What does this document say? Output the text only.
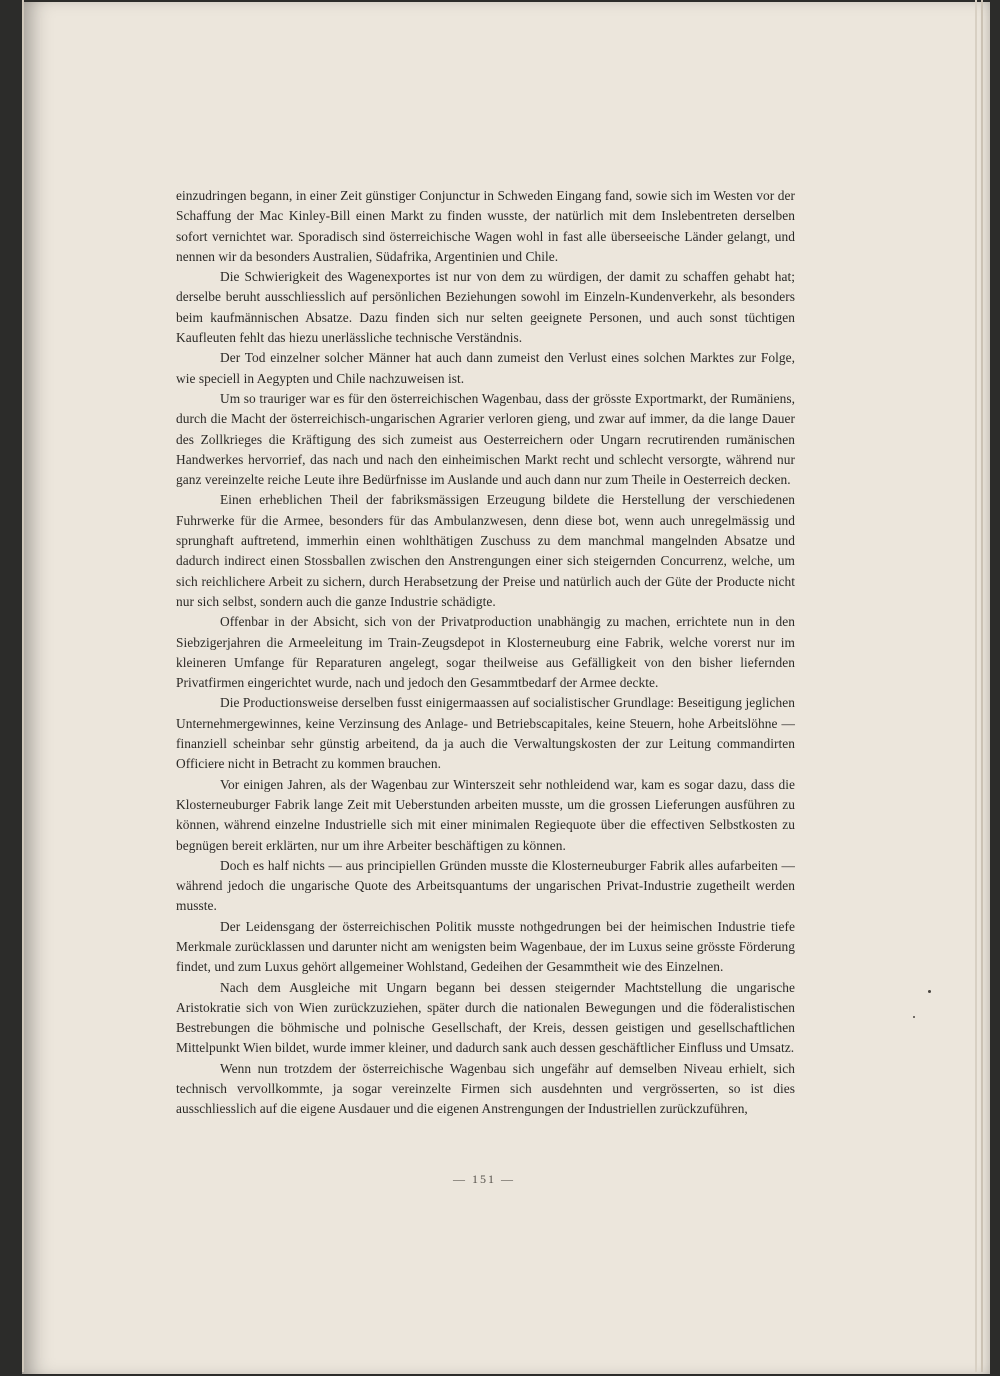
einzudringen begann, in einer Zeit günstiger Conjunctur in Schweden Eingang fand, sowie sich im Westen vor der Schaffung der Mac Kinley-Bill einen Markt zu finden wusste, der natürlich mit dem Inslebentreten derselben sofort vernichtet war. Sporadisch sind österreichische Wagen wohl in fast alle überseeische Länder gelangt, und nennen wir da besonders Australien, Südafrika, Argentinien und Chile.

Die Schwierigkeit des Wagenexportes ist nur von dem zu würdigen, der damit zu schaffen gehabt hat; derselbe beruht ausschliesslich auf persönlichen Beziehungen sowohl im Einzeln-Kundenverkehr, als besonders beim kaufmännischen Absatze. Dazu finden sich nur selten geeignete Personen, und auch sonst tüchtigen Kaufleuten fehlt das hiezu unerlässliche technische Verständnis.

Der Tod einzelner solcher Männer hat auch dann zumeist den Verlust eines solchen Marktes zur Folge, wie speciell in Aegypten und Chile nachzuweisen ist.

Um so trauriger war es für den österreichischen Wagenbau, dass der grösste Exportmarkt, der Rumäniens, durch die Macht der österreichisch-ungarischen Agrarier verloren gieng, und zwar auf immer, da die lange Dauer des Zollkrieges die Kräftigung des sich zumeist aus Oesterreichern oder Ungarn recrutirenden rumänischen Handwerkes hervorrief, das nach und nach den einheimischen Markt recht und schlecht versorgte, während nur ganz vereinzelte reiche Leute ihre Bedürfnisse im Auslande und auch dann nur zum Theile in Oesterreich decken.

Einen erheblichen Theil der fabriksmässigen Erzeugung bildete die Herstellung der verschiedenen Fuhrwerke für die Armee, besonders für das Ambulanzwesen, denn diese bot, wenn auch unregelmässig und sprunghaft auftretend, immerhin einen wohlthätigen Zuschuss zu dem manchmal mangelnden Absatze und dadurch indirect einen Stossballen zwischen den Anstrengungen einer sich steigernden Concurrenz, welche, um sich reichlichere Arbeit zu sichern, durch Herabsetzung der Preise und natürlich auch der Güte der Producte nicht nur sich selbst, sondern auch die ganze Industrie schädigte.

Offenbar in der Absicht, sich von der Privatproduction unabhängig zu machen, errichtete nun in den Siebzigerjahren die Armeeleitung im Train-Zeugsdepot in Klosterneuburg eine Fabrik, welche vorerst nur im kleineren Umfange für Reparaturen angelegt, sogar theilweise aus Gefälligkeit von den bisher liefernden Privatfirmen eingerichtet wurde, nach und jedoch den Gesammtbedarf der Armee deckte.

Die Productionsweise derselben fusst einigermaassen auf socialistischer Grundlage: Beseitigung jeglichen Unternehmergewinnes, keine Verzinsung des Anlage- und Betriebscapitales, keine Steuern, hohe Arbeitslöhne — finanziell scheinbar sehr günstig arbeitend, da ja auch die Verwaltungskosten der zur Leitung commandirten Officiere nicht in Betracht zu kommen brauchen.

Vor einigen Jahren, als der Wagenbau zur Winterszeit sehr nothleidend war, kam es sogar dazu, dass die Klosterneuburger Fabrik lange Zeit mit Ueberstunden arbeiten musste, um die grossen Lieferungen ausführen zu können, während einzelne Industrielle sich mit einer minimalen Regiequote über die effectiven Selbstkosten zu begnügen bereit erklärten, nur um ihre Arbeiter beschäftigen zu können.

Doch es half nichts — aus principiellen Gründen musste die Klosterneuburger Fabrik alles aufarbeiten — während jedoch die ungarische Quote des Arbeitsquantums der ungarischen Privat-Industrie zugetheilt werden musste.

Der Leidensgang der österreichischen Politik musste nothgedrungen bei der heimischen Industrie tiefe Merkmale zurücklassen und darunter nicht am wenigsten beim Wagenbaue, der im Luxus seine grösste Förderung findet, und zum Luxus gehört allgemeiner Wohlstand, Gedeihen der Gesammtheit wie des Einzelnen.

Nach dem Ausgleiche mit Ungarn begann bei dessen steigernder Machtstellung die ungarische Aristokratie sich von Wien zurückzuziehen, später durch die nationalen Bewegungen und die föderalistischen Bestrebungen die böhmische und polnische Gesellschaft, der Kreis, dessen geistigen und gesellschaftlichen Mittelpunkt Wien bildet, wurde immer kleiner, und dadurch sank auch dessen geschäftlicher Einfluss und Umsatz.

Wenn nun trotzdem der österreichische Wagenbau sich ungefähr auf demselben Niveau erhielt, sich technisch vervollkommte, ja sogar vereinzelte Firmen sich ausdehnten und vergrösserten, so ist dies ausschliesslich auf die eigene Ausdauer und die eigenen Anstrengungen der Industriellen zurückzuführen,

— 151 —
